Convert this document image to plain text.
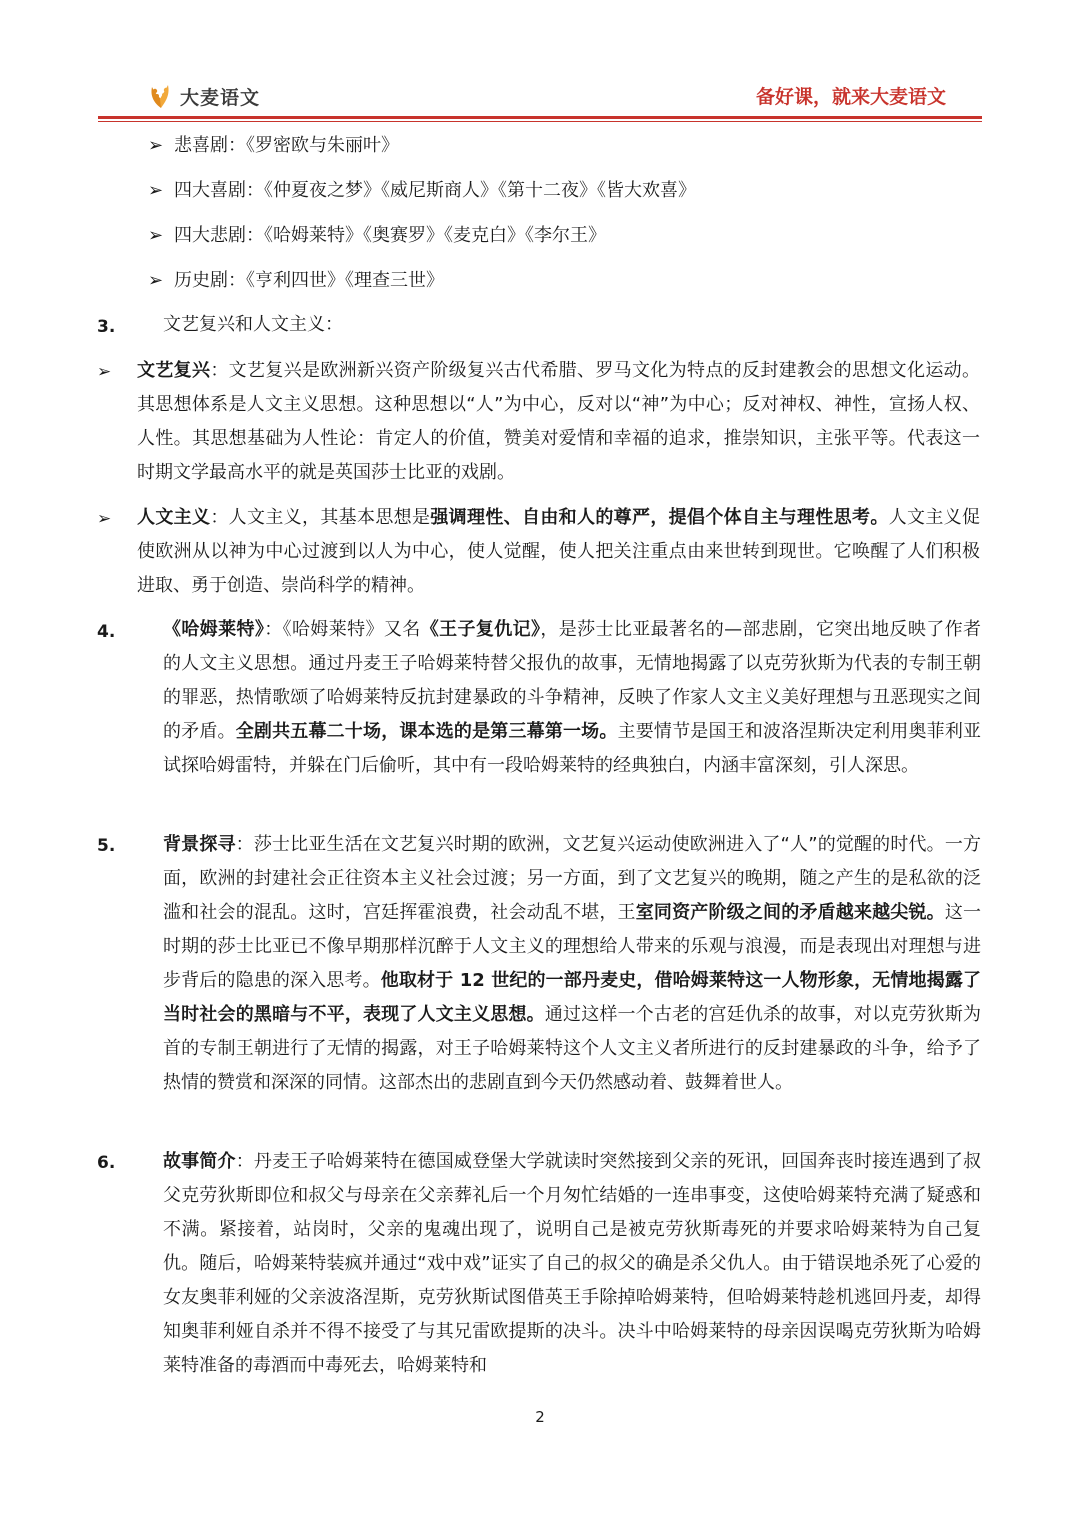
大麦语文	备好课，就来大麦语文
➢ 悲喜剧：《罗密欧与朱丽叶》
➢ 四大喜剧：《仲夏夜之梦》《威尼斯商人》《第十二夜》《皆大欢喜》
➢ 四大悲剧：《哈姆莱特》《奥赛罗》《麦克白》《李尔王》
➢ 历史剧：《亨利四世》《理查三世》
3.	文艺复兴和人文主义：
➢ 文艺复兴：文艺复兴是欧洲新兴资产阶级复兴古代希腊、罗马文化为特点的反封建教会的思想文化运动。其思想体系是人文主义思想。这种思想以“人”为中心，反对以“神”为中心；反对神权、神性，宣扬人权、人性。其思想基础为人性论：肯定人的价值，赞美对爱情和幸福的追求，推崇知识，主张平等。代表这一时期文学最高水平的就是英国莎士比亚的戏剧。
➢ 人文主义：人文主义，其基本思想是强调理性、自由和人的尊严，提倡个体自主与理性思考。人文主义促使欧洲从以神为中心过渡到以人为中心，使人觉醒，使人把关注重点由来世转到现世。它唤醒了人们积极进取、勇于创造、崇尚科学的精神。
4.	《哈姆莱特》：《哈姆莱特》又名《王子复仇记》，是莎士比亚最著名的—部悲剧，它突出地反映了作者的人文主义思想。通过丹麦王子哈姆莱特替父报仇的故事，无情地揭露了以克劳狄斯为代表的专制王朝的罪恶，热情歌颂了哈姆莱特反抗封建暴政的斗争精神，反映了作家人文主义美好理想与丑恶现实之间的矛盾。全剧共五幕二十场，课本选的是第三幕第一场。主要情节是国王和波洛涅斯决定利用奥菲利亚试探哈姆雷特，并躲在门后偷听，其中有一段哈姆莱特的经典独白，内涵丰富深刻，引人深思。
5.	背景探寻：莎士比亚生活在文艺复兴时期的欧洲，文艺复兴运动使欧洲进入了“人”的觉醒的时代。一方面，欧洲的封建社会正往资本主义社会过渡；另一方面，到了文艺复兴的晚期，随之产生的是私欲的泛滥和社会的混乱。这时，宫廷挥霍浪费，社会动乱不堪，王室同资产阶级之间的矛盾越来越尖锐。这一时期的莎士比亚已不像早期那样沉醉于人文主义的理想给人带来的乐观与浪漫，而是表现出对理想与进步背后的隐患的深入思考。他取材于 12 世纪的一部丹麦史，借哈姆莱特这一人物形象，无情地揭露了当时社会的黑暗与不平，表现了人文主义思想。通过这样一个古老的宫廷仇杀的故事，对以克劳狄斯为首的专制王朝进行了无情的揭露，对王子哈姆莱特这个人文主义者所进行的反封建暴政的斗争，给予了热情的赞赏和深深的同情。这部杰出的悲剧直到今天仍然感动着、鼓舞着世人。
6.	故事简介：丹麦王子哈姆莱特在德国威登堡大学就读时突然接到父亲的死讯，回国奔丧时接连遇到了叔父克劳狄斯即位和叔父与母亲在父亲葬礼后一个月匆忙结婚的一连串事变，这使哈姆莱特充满了疑惑和不满。紧接着，站岗时，父亲的鬼魂出现了，说明自己是被克劳狄斯毒死的并要求哈姆莱特为自己复仇。随后，哈姆莱特装疯并通过“戏中戏”证实了自己的叔父的确是杀父仇人。由于错误地杀死了心爱的女友奥菲利娅的父亲波洛涅斯，克劳狄斯试图借英王手除掉哈姆莱特，但哈姆莱特趁机逃回丹麦，却得知奥菲利娅自杀并不得不接受了与其兄雷欧提斯的决斗。决斗中哈姆莱特的母亲因误喝克劳狄斯为哈姆莱特准备的毒酒而中毒死去，哈姆莱特和
2
